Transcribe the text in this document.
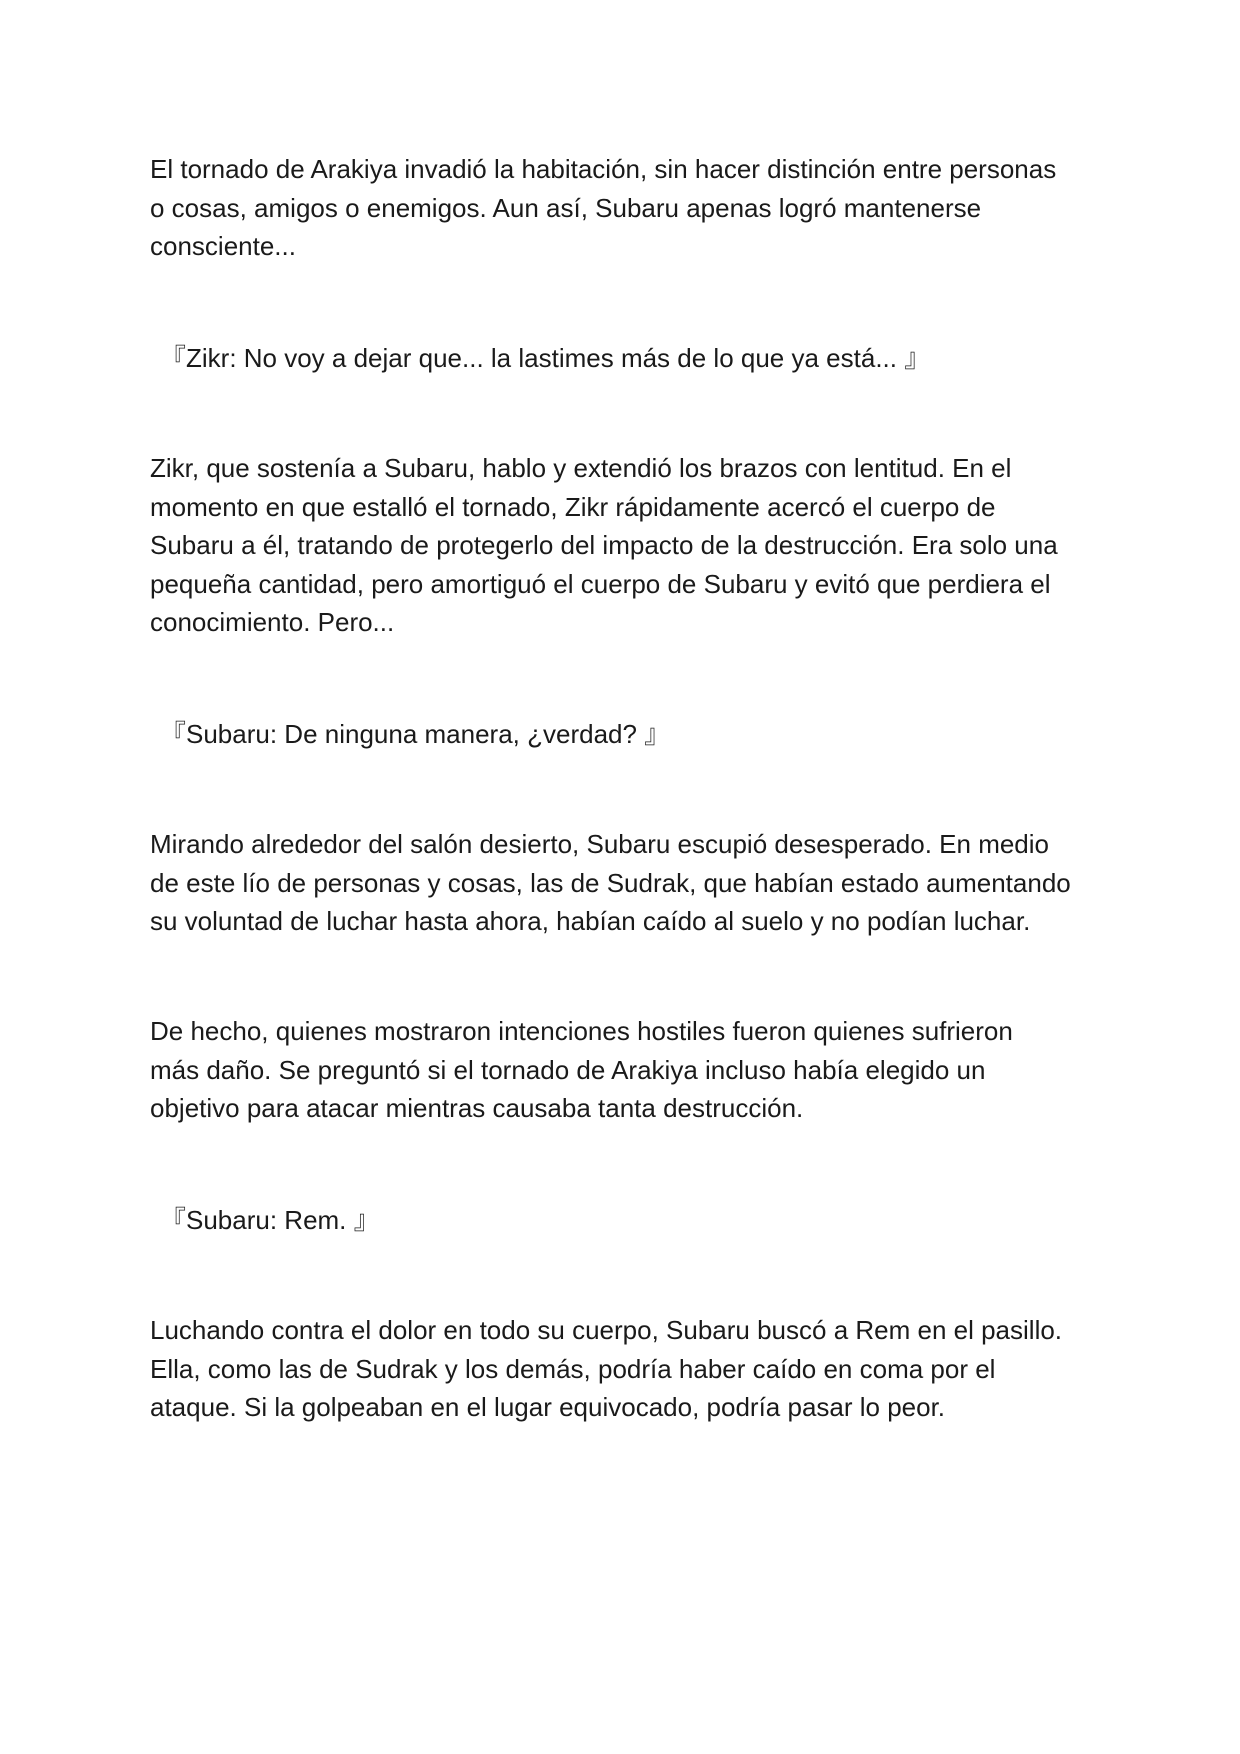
El tornado de Arakiya invadió la habitación, sin hacer distinción entre personas
o cosas, amigos o enemigos. Aun así, Subaru apenas logró mantenerse
consciente...

『Zikr: No voy a dejar que... la lastimes más de lo que ya está... 』

Zikr, que sostenía a Subaru, hablo y extendió los brazos con lentitud. En el
momento en que estalló el tornado, Zikr rápidamente acercó el cuerpo de
Subaru a él, tratando de protegerlo del impacto de la destrucción. Era solo una
pequeña cantidad, pero amortiguó el cuerpo de Subaru y evitó que perdiera el
conocimiento. Pero...

『Subaru: De ninguna manera, ¿verdad? 』

Mirando alrededor del salón desierto, Subaru escupió desesperado. En medio
de este lío de personas y cosas, las de Sudrak, que habían estado aumentando
su voluntad de luchar hasta ahora, habían caído al suelo y no podían luchar.

De hecho, quienes mostraron intenciones hostiles fueron quienes sufrieron
más daño. Se preguntó si el tornado de Arakiya incluso había elegido un
objetivo para atacar mientras causaba tanta destrucción.

『Subaru: Rem. 』

Luchando contra el dolor en todo su cuerpo, Subaru buscó a Rem en el pasillo.
Ella, como las de Sudrak y los demás, podría haber caído en coma por el
ataque. Si la golpeaban en el lugar equivocado, podría pasar lo peor.
